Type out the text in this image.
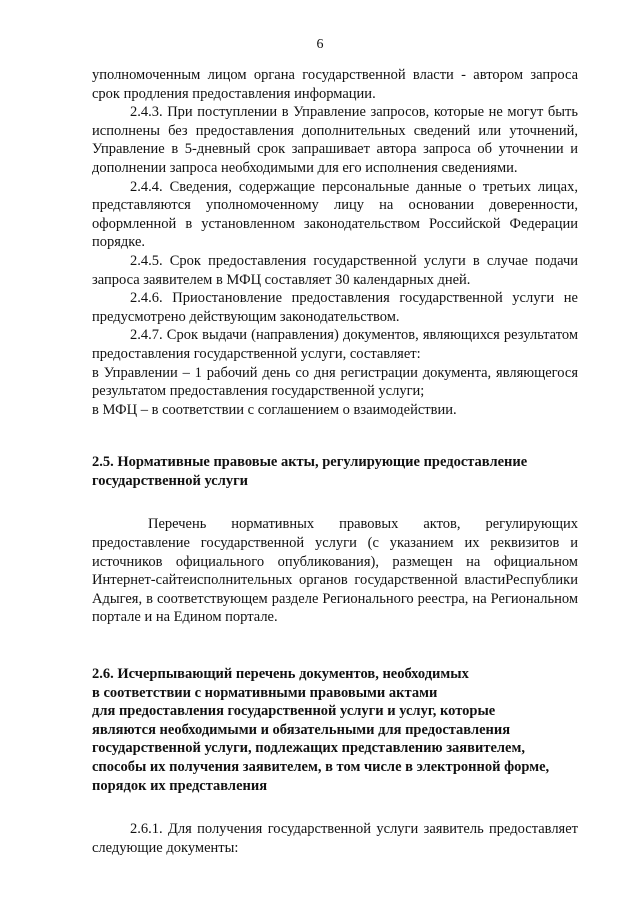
6

уполномоченным лицом органа государственной власти - автором запроса срок продления предоставления информации.

2.4.3. При поступлении в Управление запросов, которые не могут быть исполнены без предоставления дополнительных сведений или уточнений, Управление в 5-дневный срок запрашивает автора запроса об уточнении и дополнении запроса необходимыми для его исполнения сведениями.

2.4.4. Сведения, содержащие персональные данные о третьих лицах, представляются уполномоченному лицу на основании доверенности, оформленной в установленном законодательством Российской Федерации порядке.

2.4.5. Срок предоставления государственной услуги в случае подачи запроса заявителем в МФЦ составляет 30 календарных дней.

2.4.6. Приостановление предоставления государственной услуги не предусмотрено действующим законодательством.

2.4.7. Срок выдачи (направления) документов, являющихся результатом предоставления государственной услуги, составляет:

в Управлении – 1 рабочий день со дня регистрации документа, являющегося результатом предоставления государственной услуги;

в МФЦ – в соответствии с соглашением о взаимодействии.

2.5. Нормативные правовые акты, регулирующие предоставление
государственной услуги

Перечень нормативных правовых актов, регулирующих предоставление государственной услуги (с указанием их реквизитов и источников официального опубликования), размещен на официальном Интернет-сайтеисполнительных органов государственной властиРеспублики Адыгея, в соответствующем разделе Регионального реестра, на Региональном портале и на Едином портале.

2.6. Исчерпывающий перечень документов, необходимых
в соответствии с нормативными правовыми актами
для предоставления государственной услуги и услуг, которые
являются необходимыми и обязательными для предоставления
государственной услуги, подлежащих представлению заявителем,
способы их получения заявителем, в том числе в электронной форме,
порядок их представления

2.6.1. Для получения государственной услуги заявитель предоставляет следующие документы:
